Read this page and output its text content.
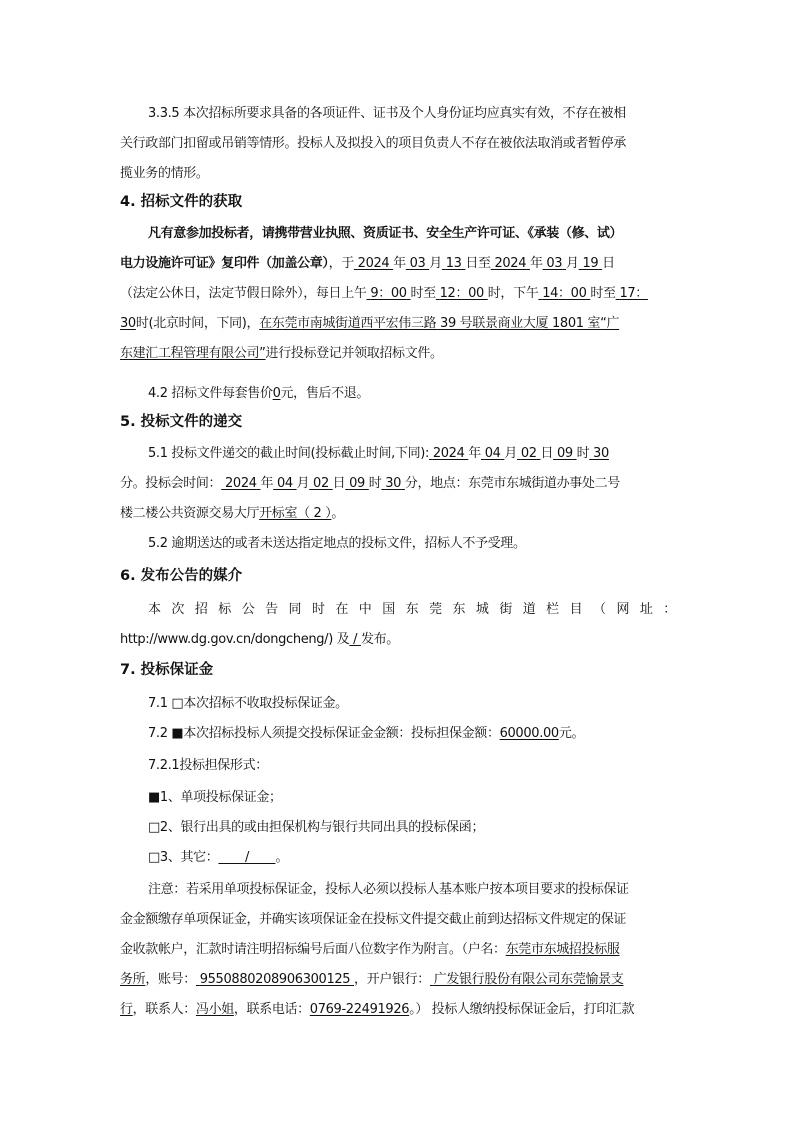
3.3.5 本次招标所要求具备的各项证件、证书及个人身份证均应真实有效，不存在被相
关行政部门扣留或吊销等情形。投标人及拟投入的项目负责人不存在被依法取消或者暂停承
揽业务的情形。
4. 招标文件的获取
凡有意参加投标者，请携带营业执照、资质证书、安全生产许可证、《承装（修、试）
电力设施许可证》复印件（加盖公章），于 2024 年 03 月 13 日至 2024 年 03 月 19 日
（法定公休日，法定节假日除外），每日上午 9：00 时至 12：00 时，下午 14：00 时至 17：
30时(北京时间，下同)，在东莞市南城街道西平宏伟三路 39 号联景商业大厦 1801 室“广
东建汇工程管理有限公司”进行投标登记并领取招标文件。
4.2 招标文件每套售价0元，售后不退。
5. 投标文件的递交
5.1 投标文件递交的截止时间(投标截止时间,下同): 2024 年 04 月 02 日 09 时 30
分。投标会时间： 2024 年 04 月 02 日 09 时 30 分，地点：东莞市东城街道办事处二号
楼二楼公共资源交易大厅开标室（ 2 ）。
5.2 逾期送达的或者未送达指定地点的投标文件，招标人不予受理。
6. 发布公告的媒介
本 次 招 标 公 告 同 时 在 中 国 东 莞 东 城 街 道 栏 目 （ 网 址 ：
http://www.dg.gov.cn/dongcheng/) 及 / 发布。
7. 投标保证金
7.1 □本次招标不收取投标保证金。
7.2 ■本次招标投标人须提交投标保证金金额：投标担保金额：60000.00元。
7.2.1投标担保形式：
■1、单项投标保证金；
□2、银行出具的或由担保机构与银行共同出具的投标保函；
□3、其它：       /       。
注意：若采用单项投标保证金，投标人必须以投标人基本账户按本项目要求的投标保证
金金额缴存单项保证金，并确实该项保证金在投标文件提交截止前到达招标文件规定的保证
金收款帐户，汇款时请注明招标编号后面八位数字作为附言。（户名：东莞市东城招投标服
务所，账号： 9550880208906300125 ，开户银行： 广发银行股份有限公司东莞愉景支
行，联系人：冯小姐，联系电话：0769-22491926。） 投标人缴纳投标保证金后，打印汇款
